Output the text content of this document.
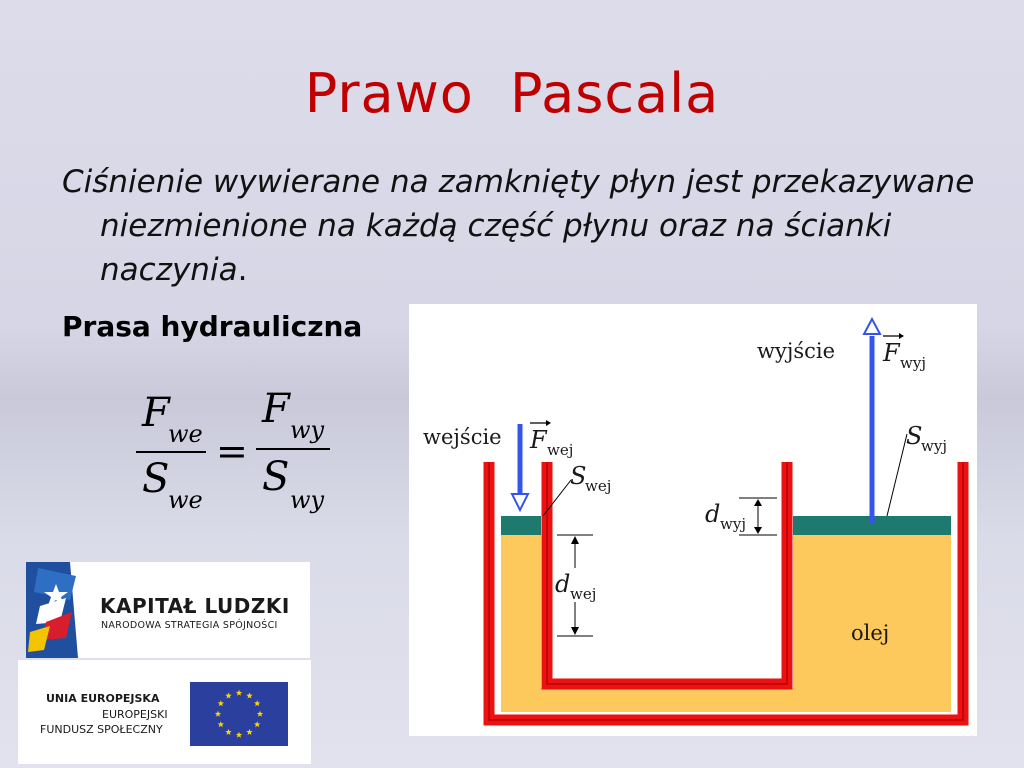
Prawo Pascala
Ciśnienie wywierane na zamknięty płyn jest przekazywane niezmienione na każdą część płynu oraz na ścianki naczynia.
Prasa hydrauliczna
F
we
S
we
=
F wy
S wy
wejście
wyjście
F wej
F wyj
S
wej
S
wyj
d wyj
d wej
olej
KAPITAŁ LUDZKI
NARODOWA STRATEGIA SPÓJNOŚCI
UNIA EUROPEJSKA
EUROPEJSKI
FUNDUSZ SPOŁECZNY
